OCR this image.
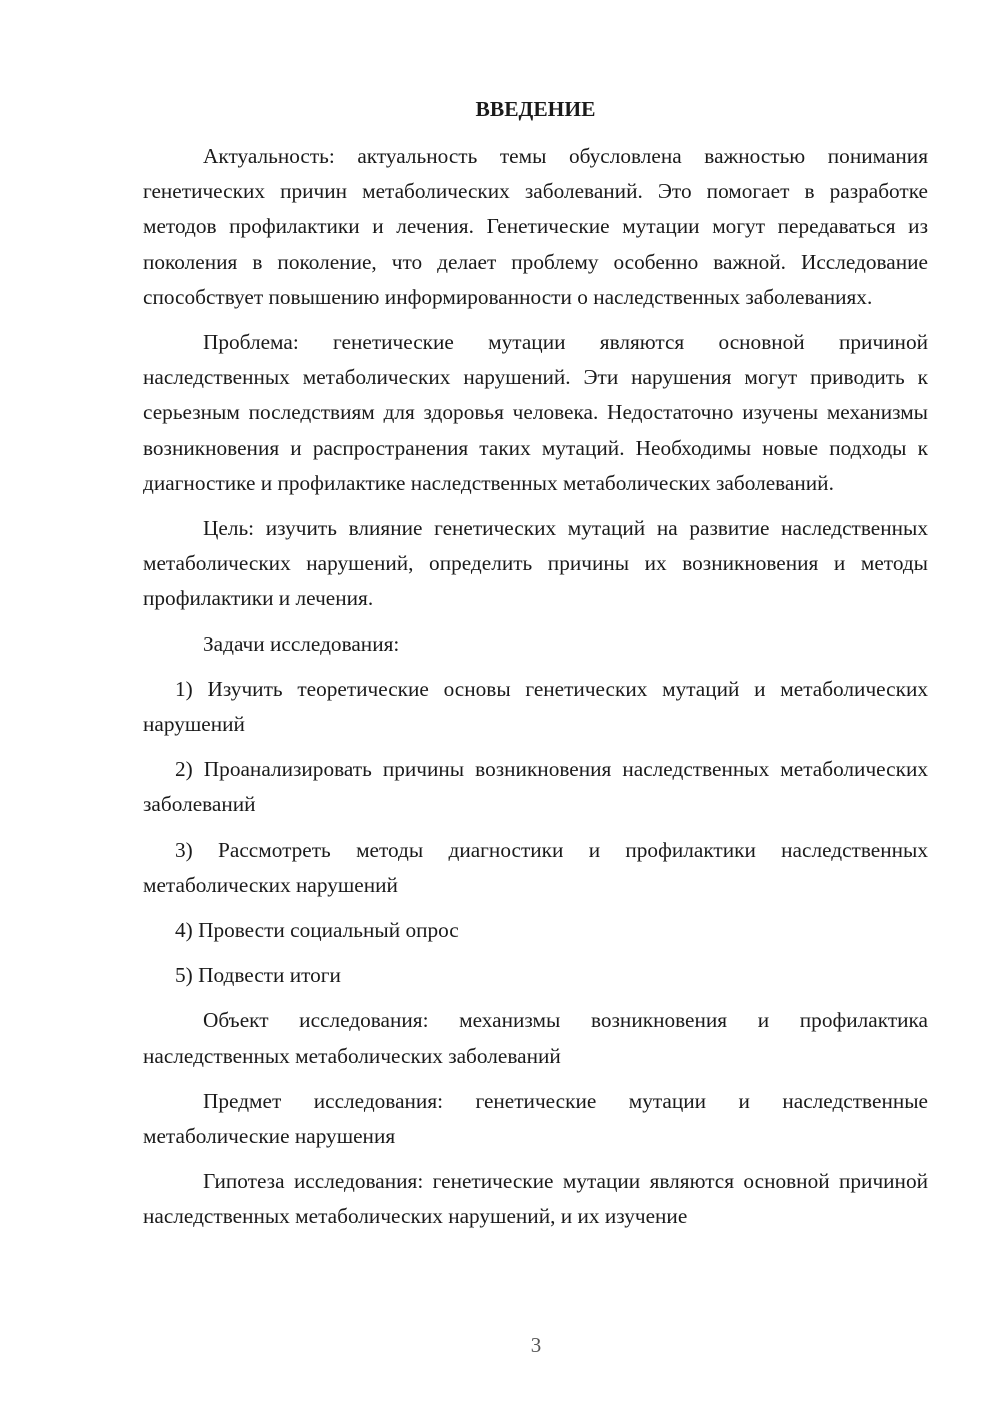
ВВЕДЕНИЕ

Актуальность: актуальность темы обусловлена важностью понимания генетических причин метаболических заболеваний. Это помогает в разработке методов профилактики и лечения. Генетические мутации могут передаваться из поколения в поколение, что делает проблему особенно важной. Исследование способствует повышению информированности о наследственных заболеваниях.

Проблема: генетические мутации являются основной причиной наследственных метаболических нарушений. Эти нарушения могут приводить к серьезным последствиям для здоровья человека. Недостаточно изучены механизмы возникновения и распространения таких мутаций. Необходимы новые подходы к диагностике и профилактике наследственных метаболических заболеваний.

Цель: изучить влияние генетических мутаций на развитие наследственных метаболических нарушений, определить причины их возникновения и методы профилактики и лечения.

Задачи исследования:

1) Изучить теоретические основы генетических мутаций и метаболических нарушений

2) Проанализировать причины возникновения наследственных метаболических заболеваний

3) Рассмотреть методы диагностики и профилактики наследственных метаболических нарушений

4) Провести социальный опрос

5) Подвести итоги

Объект исследования: механизмы возникновения и профилактика наследственных метаболических заболеваний

Предмет исследования: генетические мутации и наследственные метаболические нарушения

Гипотеза исследования: генетические мутации являются основной причиной наследственных метаболических нарушений, и их изучение

3
